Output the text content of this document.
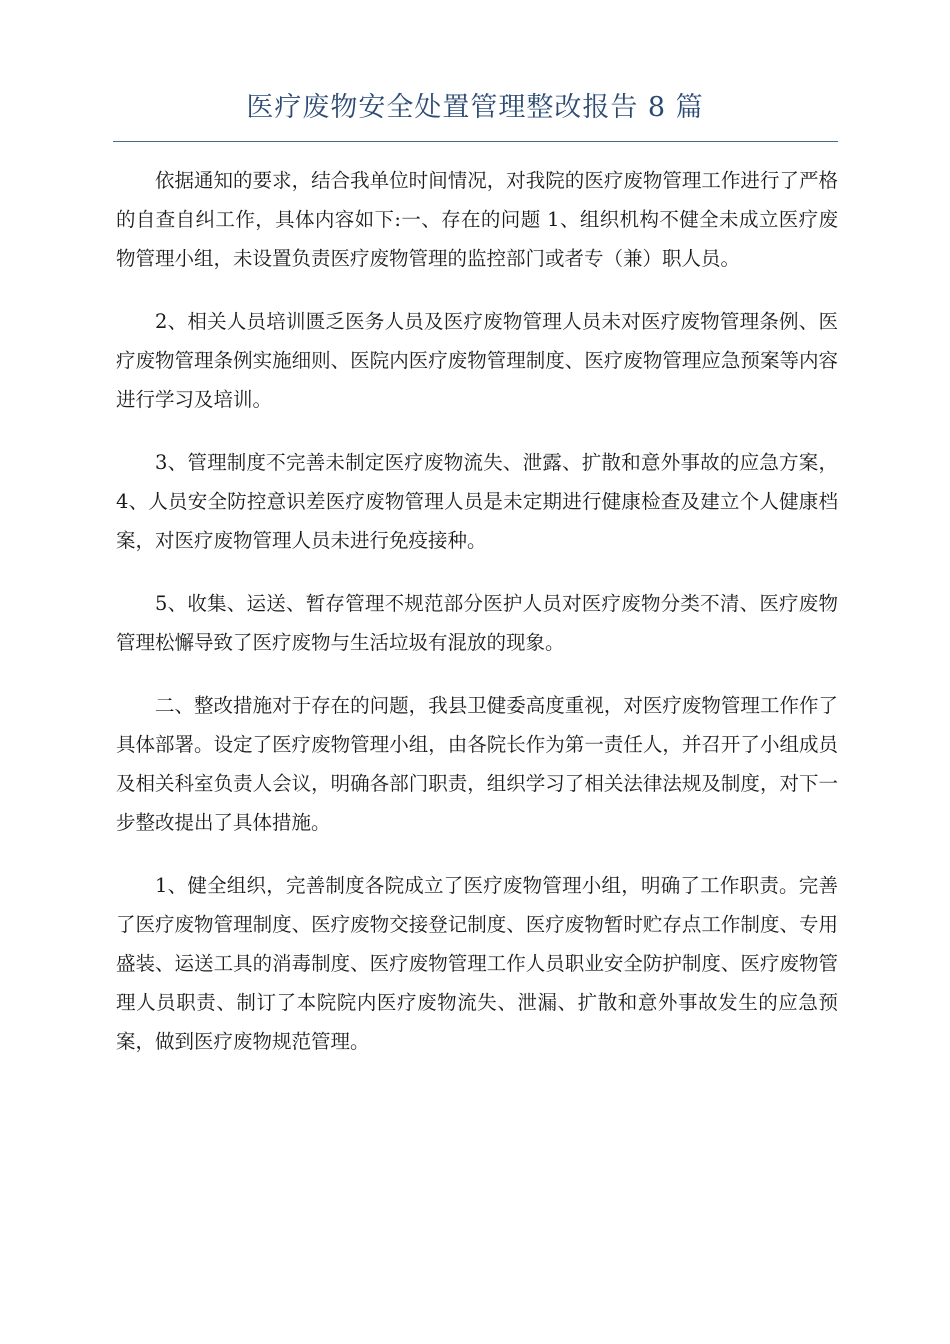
医疗废物安全处置管理整改报告 8 篇

依据通知的要求，结合我单位时间情况，对我院的医疗废物管理工作进行了严格的自查自纠工作，具体内容如下:一、存在的问题 1、组织机构不健全未成立医疗废物管理小组，未设置负责医疗废物管理的监控部门或者专（兼）职人员。

2、相关人员培训匮乏医务人员及医疗废物管理人员未对医疗废物管理条例、医疗废物管理条例实施细则、医院内医疗废物管理制度、医疗废物管理应急预案等内容进行学习及培训。

3、管理制度不完善未制定医疗废物流失、泄露、扩散和意外事故的应急方案，4、人员安全防控意识差医疗废物管理人员是未定期进行健康检查及建立个人健康档案，对医疗废物管理人员未进行免疫接种。

5、收集、运送、暂存管理不规范部分医护人员对医疗废物分类不清、医疗废物管理松懈导致了医疗废物与生活垃圾有混放的现象。

二、整改措施对于存在的问题，我县卫健委高度重视，对医疗废物管理工作作了具体部署。设定了医疗废物管理小组，由各院长作为第一责任人，并召开了小组成员及相关科室负责人会议，明确各部门职责，组织学习了相关法律法规及制度，对下一步整改提出了具体措施。

1、健全组织，完善制度各院成立了医疗废物管理小组，明确了工作职责。完善了医疗废物管理制度、医疗废物交接登记制度、医疗废物暂时贮存点工作制度、专用盛装、运送工具的消毒制度、医疗废物管理工作人员职业安全防护制度、医疗废物管理人员职责、制订了本院院内医疗废物流失、泄漏、扩散和意外事故发生的应急预案，做到医疗废物规范管理。
